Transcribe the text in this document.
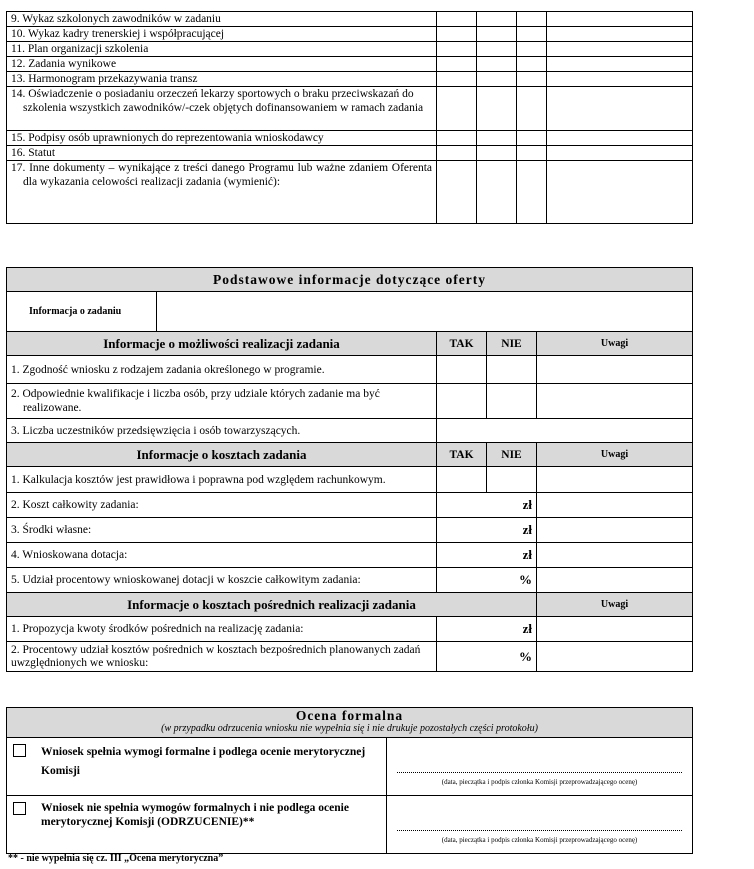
9. Wykaz szkolonych zawodników w zadaniu				
10. Wykaz kadry trenerskiej i współpracującej				
11. Plan organizacji szkolenia				
12. Zadania wynikowe				
13. Harmonogram przekazywania transz				
14. Oświadczenie o posiadaniu orzeczeń lekarzy sportowych o braku przeciwskazań do szkolenia wszystkich zawodników/-czek objętych dofinansowaniem w ramach zadania				
15. Podpisy osób uprawnionych do reprezentowania wnioskodawcy				
16. Statut				
17. Inne dokumenty – wynikające z treści danego Programu lub ważne zdaniem Oferenta dla wykazania celowości realizacji zadania (wymienić):				
Podstawowe informacje dotyczące oferty				
Informacja o zadaniu				
Informacje o możliwości realizacji zadania		TAK	NIE	Uwagi
1. Zgodność wniosku z rodzajem zadania określonego w programie.				
2. Odpowiednie kwalifikacje i liczba osób, przy udziale których zadanie ma być realizowane.				
3. Liczba uczestników przedsięwzięcia i osób towarzyszących.				
Informacje o kosztach zadania		TAK	NIE	Uwagi
1. Kalkulacja kosztów jest prawidłowa i poprawna pod względem rachunkowym.				
2. Koszt całkowity zadania:		zł		
3. Środki własne:		zł		
4. Wnioskowana dotacja:		zł		
5. Udział procentowy wnioskowanej dotacji w koszcie całkowitym zadania:		%		
Informacje o kosztach pośrednich realizacji zadania				Uwagi
1. Propozycja kwoty środków pośrednich na realizację zadania:		zł		
2. Procentowy udział kosztów pośrednich w kosztach bezpośrednich planowanych zadań uwzględnionych we wniosku:		%		
Ocena formalna
(w przypadku odrzucenia wniosku nie wypełnia się i nie drukuje pozostałych części protokołu)	

Wniosek spełnia wymogi formalne i podlega ocenie merytorycznej Komisji	(data, pieczątka i podpis członka Komisji przeprowadzającego ocenę)

Wniosek nie spełnia wymogów formalnych i nie podlega ocenie merytorycznej Komisji (ODRZUCENIE)**	(data, pieczątka i podpis członka Komisji przeprowadzającego ocenę)
** - nie wypełnia się cz. III „Ocena merytoryczna”
